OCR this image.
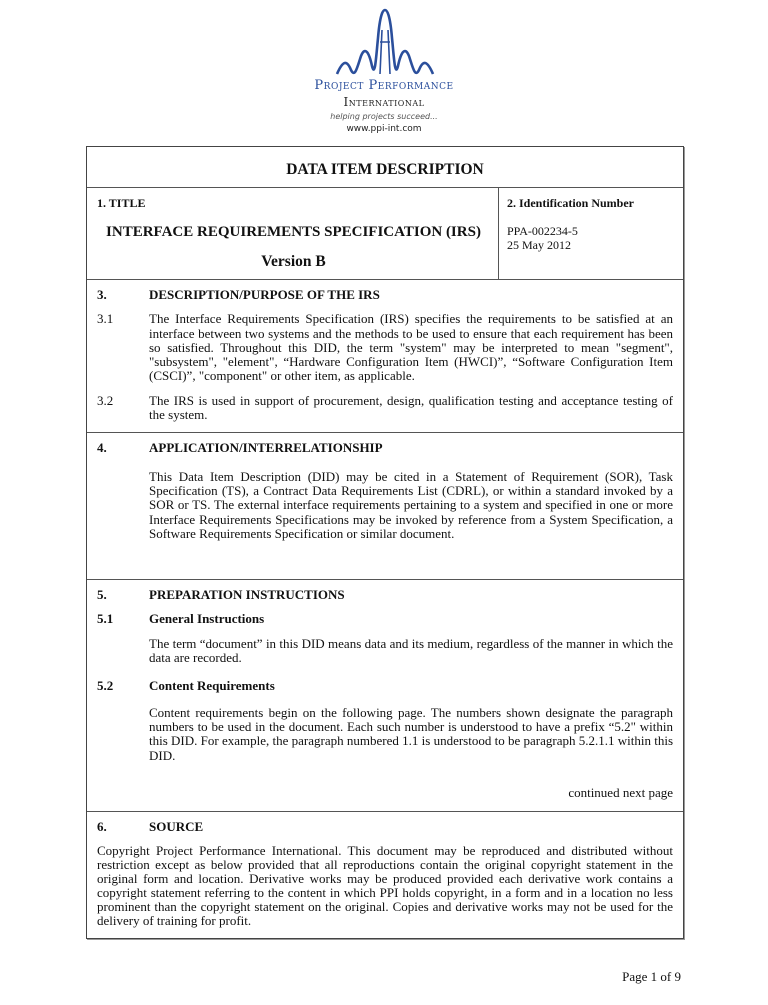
Project Performance
International
helping projects succeed...
www.ppi-int.com
DATA ITEM DESCRIPTION
1. TITLE
INTERFACE REQUIREMENTS SPECIFICATION (IRS)
Version B
2. Identification Number
PPA-002234-5
25 May 2012
3.	DESCRIPTION/PURPOSE OF THE IRS
3.1	The Interface Requirements Specification (IRS) specifies the requirements to be satisfied at an interface between two systems and the methods to be used to ensure that each requirement has been so satisfied. Throughout this DID, the term "system" may be interpreted to mean "segment", "subsystem", "element", “Hardware Configuration Item (HWCI)”, “Software Configuration Item (CSCI)”, "component" or other item, as applicable.
3.2	The IRS is used in support of procurement, design, qualification testing and acceptance testing of the system.
4.	APPLICATION/INTERRELATIONSHIP
This Data Item Description (DID) may be cited in a Statement of Requirement (SOR), Task Specification (TS), a Contract Data Requirements List (CDRL), or within a standard invoked by a SOR or TS. The external interface requirements pertaining to a system and specified in one or more Interface Requirements Specifications may be invoked by reference from a System Specification, a Software Requirements Specification or similar document.
5.	PREPARATION INSTRUCTIONS
5.1	General Instructions
The term “document” in this DID means data and its medium, regardless of the manner in which the data are recorded.
5.2	Content Requirements
Content requirements begin on the following page. The numbers shown designate the paragraph numbers to be used in the document. Each such number is understood to have a prefix “5.2" within this DID. For example, the paragraph numbered 1.1 is understood to be paragraph 5.2.1.1 within this DID.
continued next page
6.	SOURCE
Copyright Project Performance International. This document may be reproduced and distributed without restriction except as below provided that all reproductions contain the original copyright statement in the original form and location. Derivative works may be produced provided each derivative work contains a copyright statement referring to the content in which PPI holds copyright, in a form and in a location no less prominent than the copyright statement on the original. Copies and derivative works may not be used for the delivery of training for profit.
Page 1 of 9
